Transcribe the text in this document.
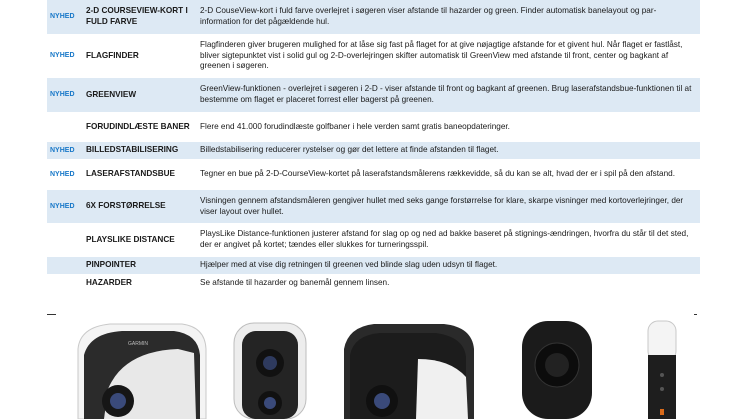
NYHED	2-D COURSEVIEW-KORT I FULD FARVE	2-D CouseView-kort i fuld farve overlejret i søgeren viser afstande til hazarder og green. Finder automatisk banelayout og par-information for det pågældende hul.
NYHED	FLAGFINDER	Flagfinderen giver brugeren mulighed for at låse sig fast på flaget for at give nøjagtige afstande for et givent hul. Når flaget er fastlåst, bliver sigtepunktet vist i solid gul og 2-D-overlejringen skifter automatisk til GreenView med afstande til front, center og bagkant af greenen i søgeren.
NYHED	GREENVIEW	GreenView-funktionen - overlejret i søgeren i 2-D - viser afstande til front og bagkant af greenen. Brug laserafstandsbue-funktionen til at bestemme om flaget er placeret forrest eller bagerst på greenen.
	FORUDINDLÆSTE BANER	Flere end 41.000 forudindlæste golfbaner i hele verden samt gratis baneopdateringer.
NYHED	BILLEDSTABILISERING	Billedstabilisering reducerer rystelser og gør det lettere at finde afstanden til flaget.
NYHED	LASERAFSTANDSBUE	Tegner en bue på 2-D-CourseView-kortet på laserafstandsmålerens rækkevidde, så du kan se alt, hvad der er i spil på den afstand.
NYHED	6X FORSTØRRELSE	Visningen gennem afstandsmåleren gengiver hullet med seks gange forstørrelse for klare, skarpe visninger med kortoverlejringer, der viser layout over hullet.
	PLAYSLIKE DISTANCE	PlaysLike Distance-funktionen justerer afstand for slag op og ned ad bakke baseret på stignings-ændringen, hvorfra du står til det sted, der er angivet på kortet; tændes eller slukkes for turneringsspil.
	PINPOINTER	Hjælper med at vise dig retningen til greenen ved blinde slag uden udsyn til flaget.
	HAZARDER	Se afstande til hazarder og banemål gennem linsen.
GARMIN
